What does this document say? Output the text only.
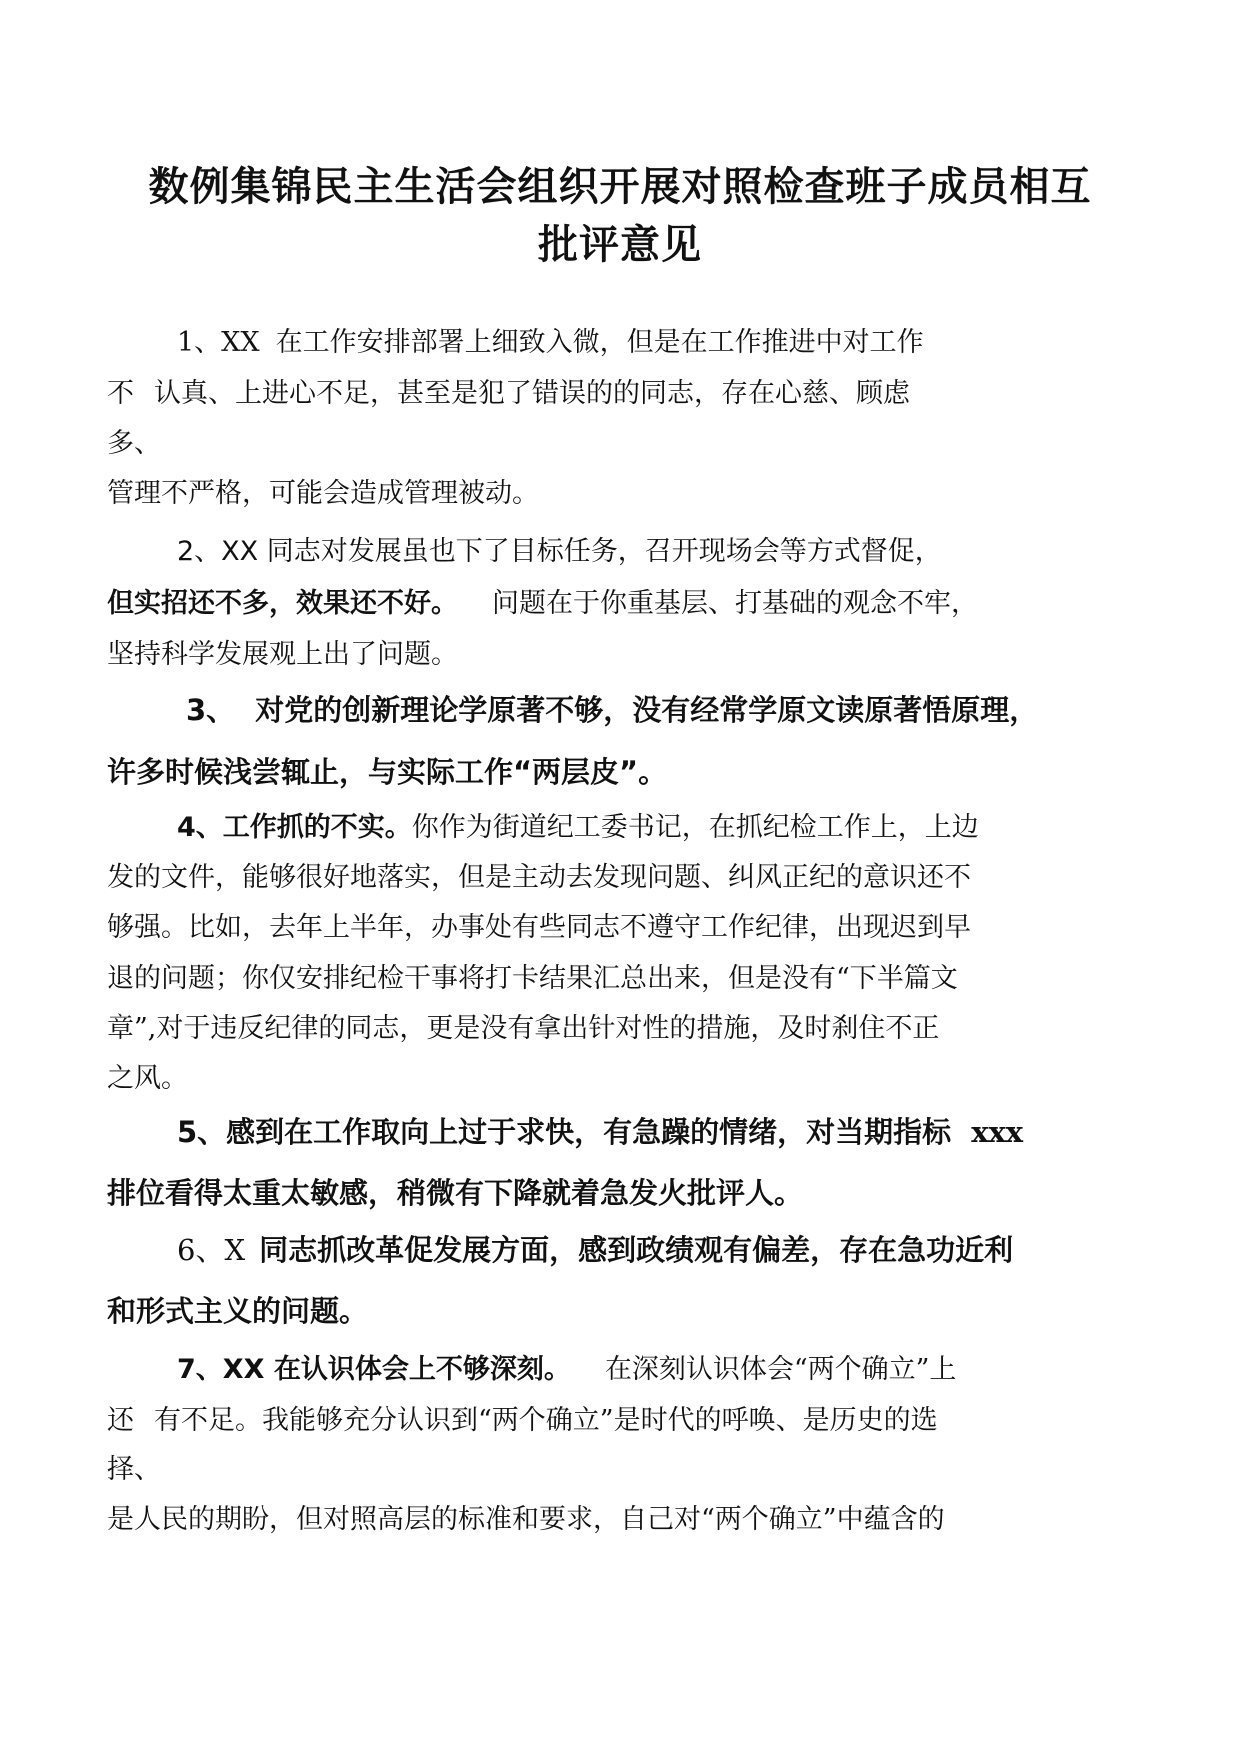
数例集锦民主生活会组织开展对照检查班子成员相互
批评意见
1、XX 在工作安排部署上细致入微，但是在工作推进中对工作
不 认真、上进心不足，甚至是犯了错误的的同志，存在心慈、顾虑
多、
管理不严格，可能会造成管理被动。
2、XX 同志对发展虽也下了目标任务，召开现场会等方式督促，
但实招还不多，效果还不好。 问题在于你重基层、打基础的观念不牢，
坚持科学发展观上出了问题。
3、 对党的创新理论学原著不够，没有经常学原文读原著悟原理，
许多时候浅尝辄止，与实际工作“两层皮”。
4、工作抓的不实。你作为街道纪工委书记，在抓纪检工作上，上边
发的文件，能够很好地落实，但是主动去发现问题、纠风正纪的意识还不
够强。比如，去年上半年，办事处有些同志不遵守工作纪律，出现迟到早
退的问题；你仅安排纪检干事将打卡结果汇总出来，但是没有“下半篇文
章”,对于违反纪律的同志，更是没有拿出针对性的措施，及时刹住不正
之风。
5、感到在工作取向上过于求快，有急躁的情绪，对当期指标 xxx
排位看得太重太敏感，稍微有下降就着急发火批评人。
6、X 同志抓改革促发展方面，感到政绩观有偏差，存在急功近利
和形式主义的问题。
7、XX 在认识体会上不够深刻。 在深刻认识体会“两个确立”上
还 有不足。我能够充分认识到“两个确立”是时代的呼唤、是历史的选
择、
是人民的期盼，但对照高层的标准和要求，自己对“两个确立”中蕴含的
